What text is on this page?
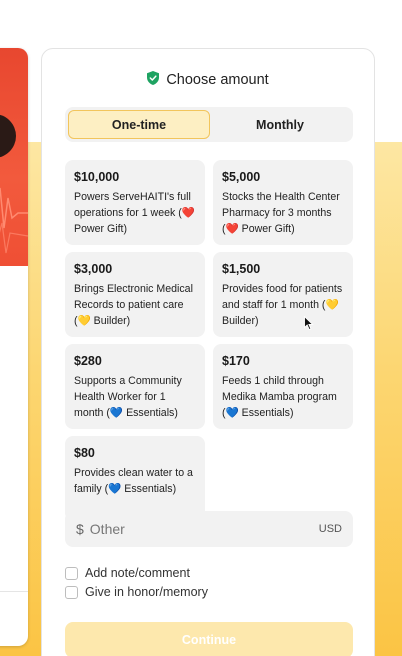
Choose amount
One-time	Monthly
$10,000
Powers ServeHAITI's full operations for 1 week (❤️ Power Gift)
$5,000
Stocks the Health Center Pharmacy for 3 months (❤️ Power Gift)
$3,000
Brings Electronic Medical Records to patient care (💛 Builder)
$1,500
Provides food for patients and staff for 1 month (💛 Builder)
$280
Supports a Community Health Worker for 1 month (💙 Essentials)
$170
Feeds 1 child through Medika Mamba program (💙 Essentials)
$80
Provides clean water to a family (💙 Essentials)
$ Other	USD
Add note/comment
Give in honor/memory
Continue
